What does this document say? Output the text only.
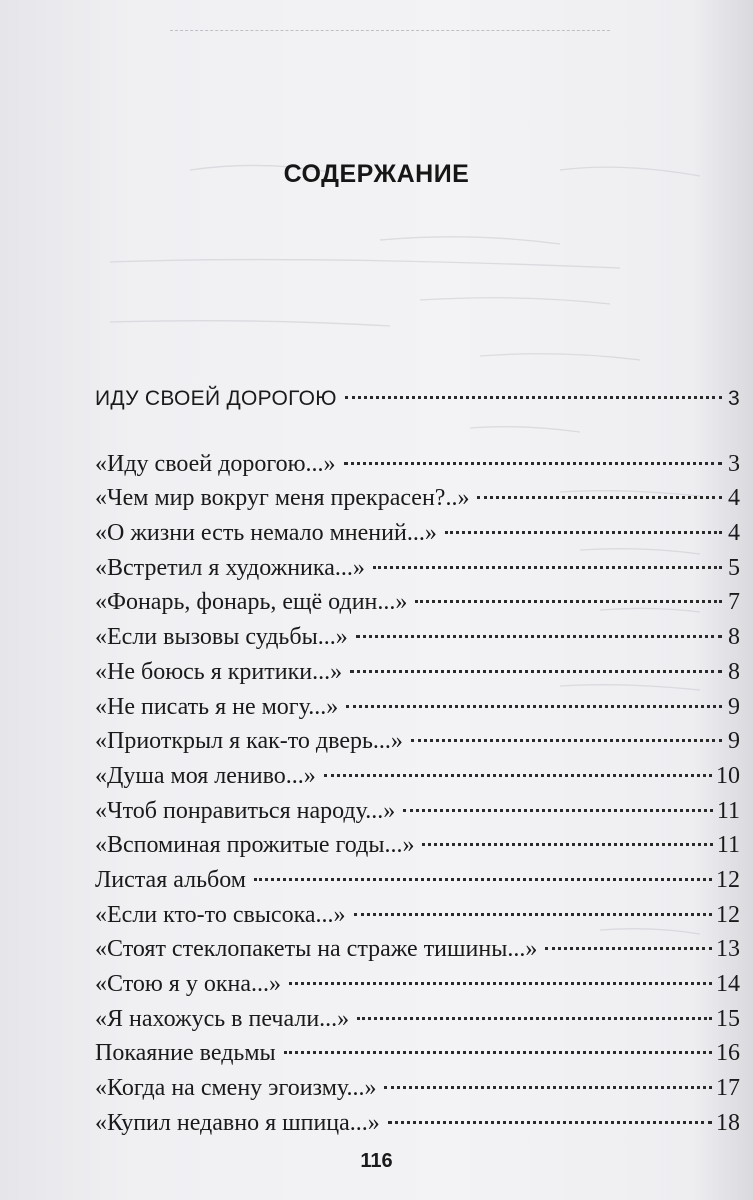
СОДЕРЖАНИЕ
ИДУ СВОЕЙ ДОРОГОЮ	3
«Иду своей дорогою...»	3
«Чем мир вокруг меня прекрасен?..»	4
«О жизни есть немало мнений...»	4
«Встретил я художника...»	5
«Фонарь, фонарь, ещё один...»	7
«Если вызовы судьбы...»	8
«Не боюсь я критики...»	8
«Не писать я не могу...»	9
«Приоткрыл я как-то дверь...»	9
«Душа моя лениво...»	10
«Чтоб понравиться народу...»	11
«Вспоминая прожитые годы...»	11
Листая альбом	12
«Если кто-то свысока...»	12
«Стоят стеклопакеты на страже тишины...»	13
«Стою я у окна...»	14
«Я нахожусь в печали...»	15
Покаяние ведьмы	16
«Когда на смену эгоизму...»	17
«Купил недавно я шпица...»	18
116
